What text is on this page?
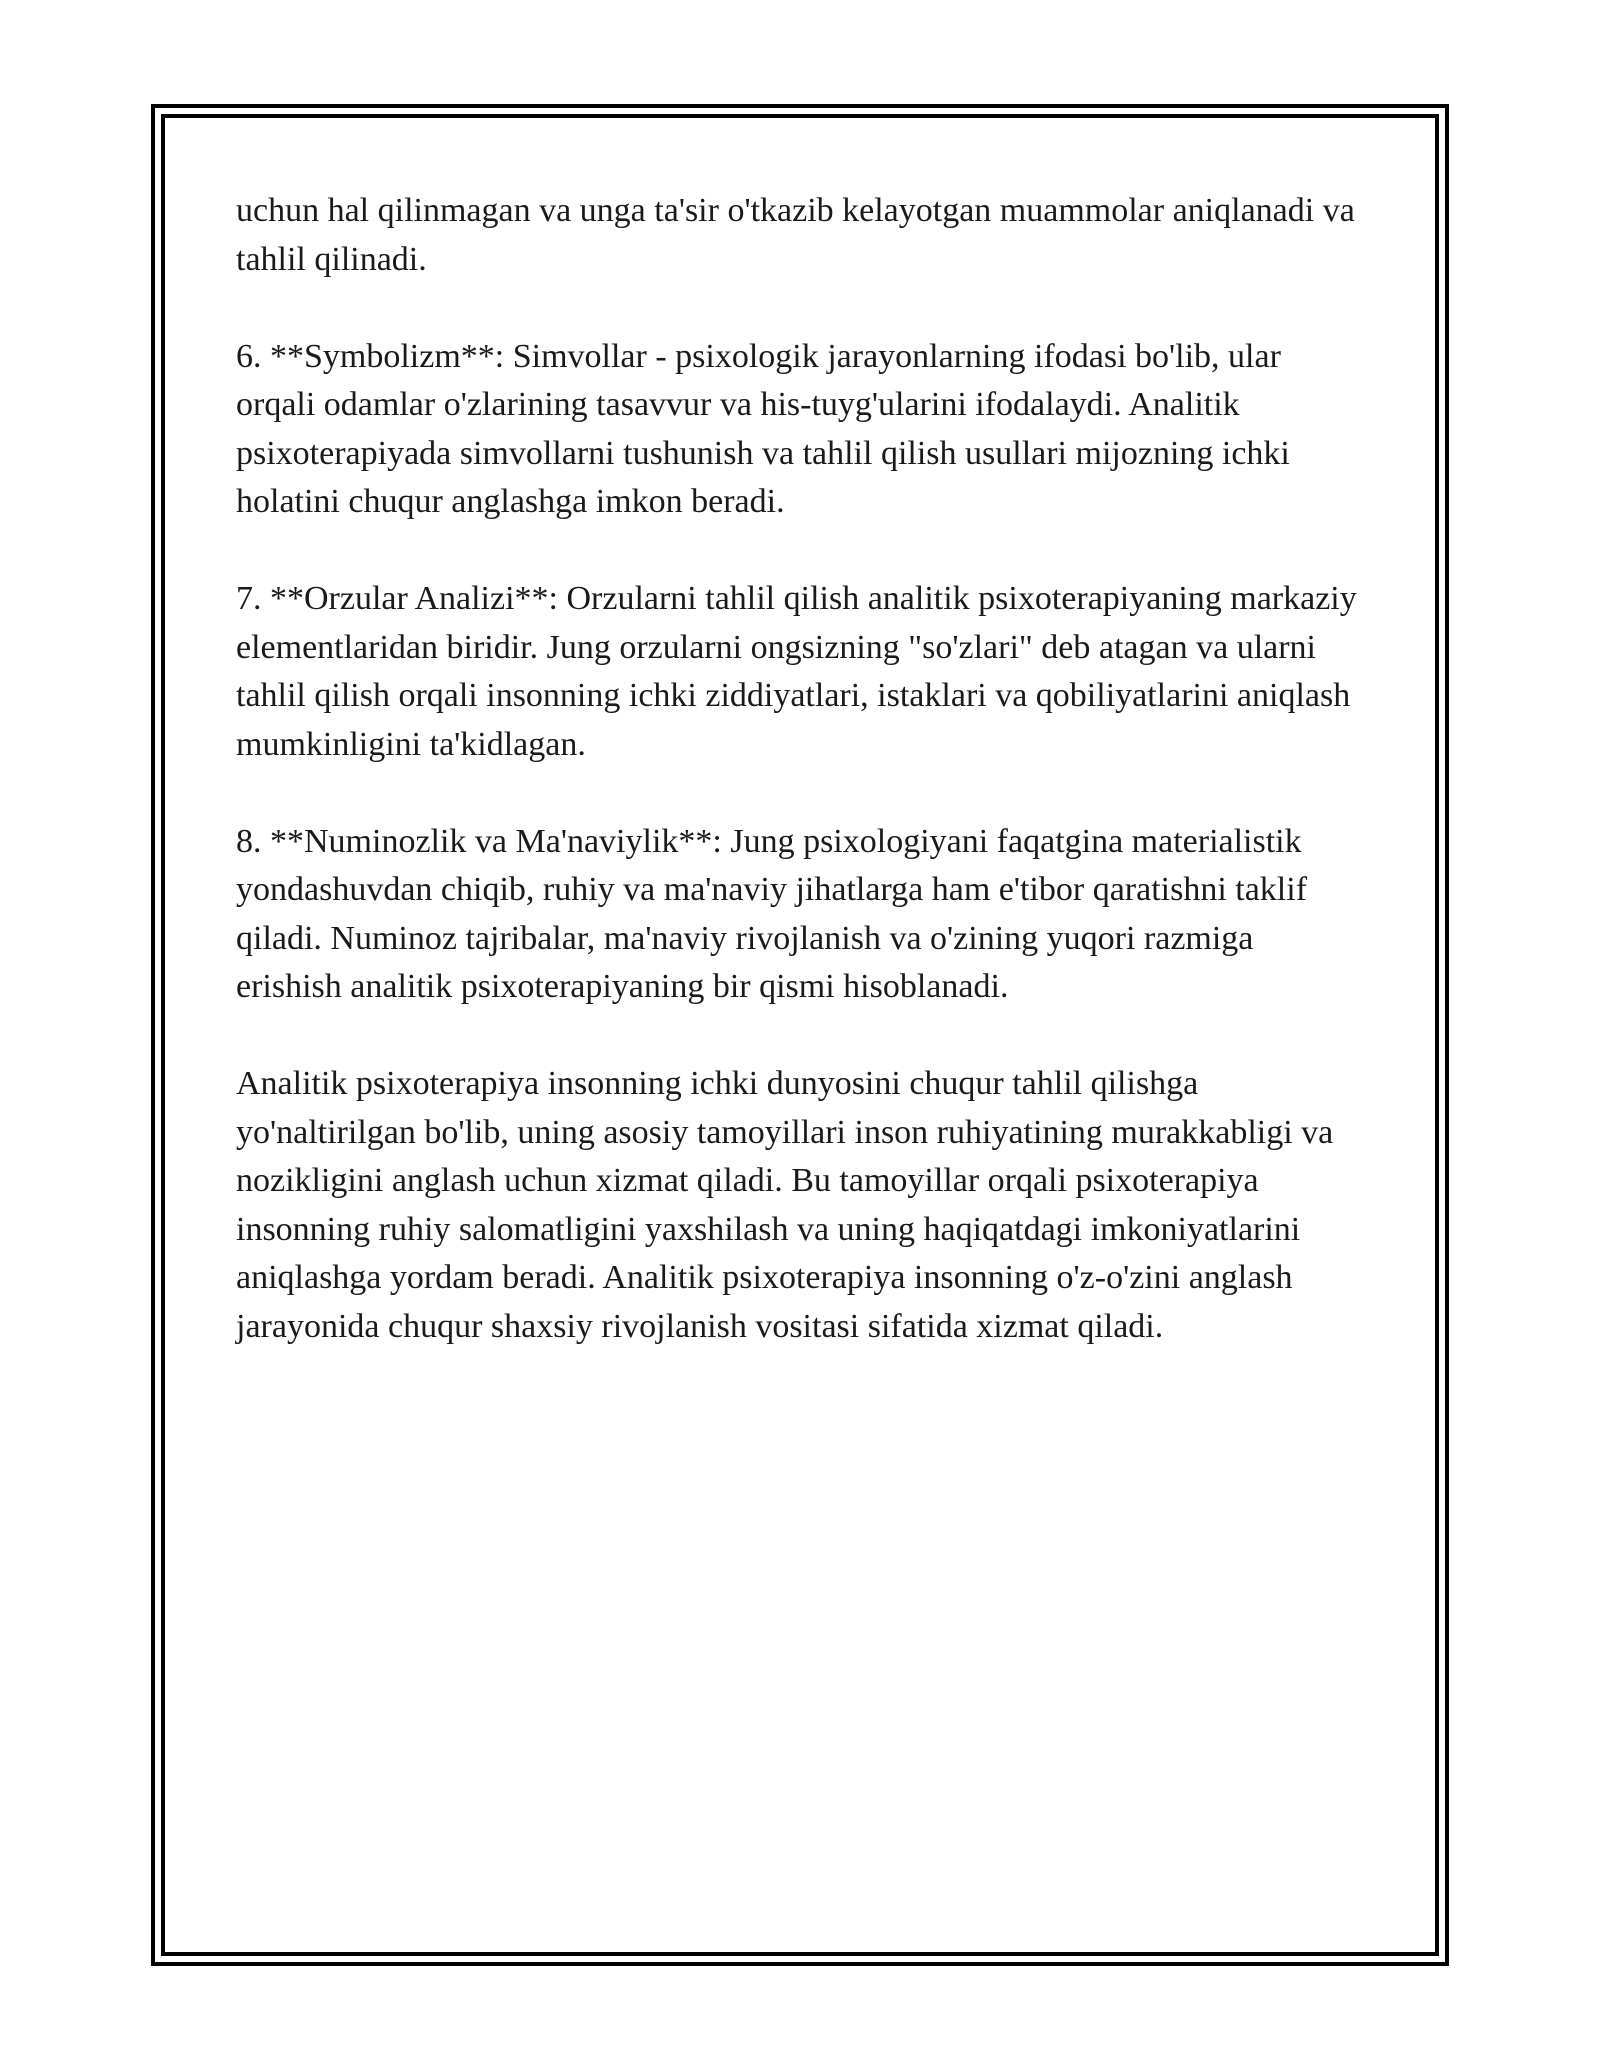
uchun hal qilinmagan va unga ta'sir o'tkazib kelayotgan muammolar aniqlanadi va tahlil qilinadi.

6. **Symbolizm**: Simvollar - psixologik jarayonlarning ifodasi bo'lib, ular orqali odamlar o'zlarining tasavvur va his-tuyg'ularini ifodalaydi. Analitik psixoterapiyada simvollarni tushunish va tahlil qilish usullari mijozning ichki holatini chuqur anglashga imkon beradi.

7. **Orzular Analizi**: Orzularni tahlil qilish analitik psixoterapiyaning markaziy elementlaridan biridir. Jung orzularni ongsizning "so'zlari" deb atagan va ularni tahlil qilish orqali insonning ichki ziddiyatlari, istaklari va qobiliyatlarini aniqlash mumkinligini ta'kidlagan.

8. **Numinozlik va Ma'naviylik**: Jung psixologiyani faqatgina materialistik yondashuvdan chiqib, ruhiy va ma'naviy jihatlarga ham e'tibor qaratishni taklif qiladi. Numinoz tajribalar, ma'naviy rivojlanish va o'zining yuqori razmiga erishish analitik psixoterapiyaning bir qismi hisoblanadi.

Analitik psixoterapiya insonning ichki dunyosini chuqur tahlil qilishga yo'naltirilgan bo'lib, uning asosiy tamoyillari inson ruhiyatining murakkabligi va nozikligini anglash uchun xizmat qiladi. Bu tamoyillar orqali psixoterapiya insonning ruhiy salomatligini yaxshilash va uning haqiqatdagi imkoniyatlarini aniqlashga yordam beradi. Analitik psixoterapiya insonning o'z-o'zini anglash jarayonida chuqur shaxsiy rivojlanish vositasi sifatida xizmat qiladi.
